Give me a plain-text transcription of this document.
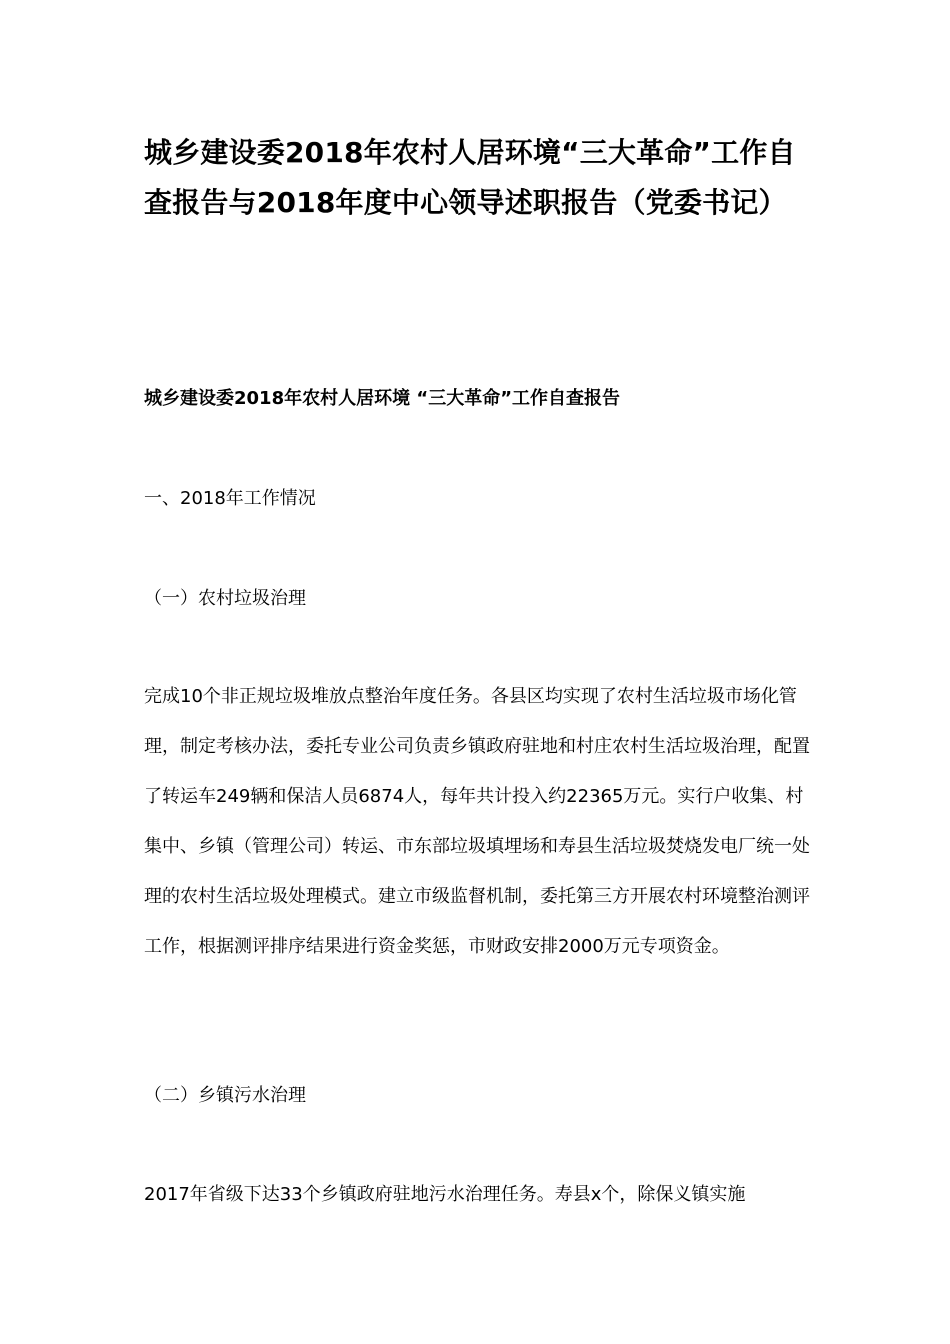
城乡建设委2018年农村人居环境“三大革命”工作自查报告与2018年度中心领导述职报告（党委书记）
城乡建设委2018年农村人居环境 “三大革命”工作自查报告

一、2018年工作情况

（一）农村垃圾治理

完成10个非正规垃圾堆放点整治年度任务。各县区均实现了农村生活垃圾市场化管理，制定考核办法，委托专业公司负责乡镇政府驻地和村庄农村生活垃圾治理，配置了转运车249辆和保洁人员6874人，每年共计投入约22365万元。实行户收集、村集中、乡镇（管理公司）转运、市东部垃圾填埋场和寿县生活垃圾焚烧发电厂统一处理的农村生活垃圾处理模式。建立市级监督机制，委托第三方开展农村环境整治测评工作，根据测评排序结果进行资金奖惩，市财政安排2000万元专项资金。

（二）乡镇污水治理

2017年省级下达33个乡镇政府驻地污水治理任务。寿县x个，除保义镇实施
